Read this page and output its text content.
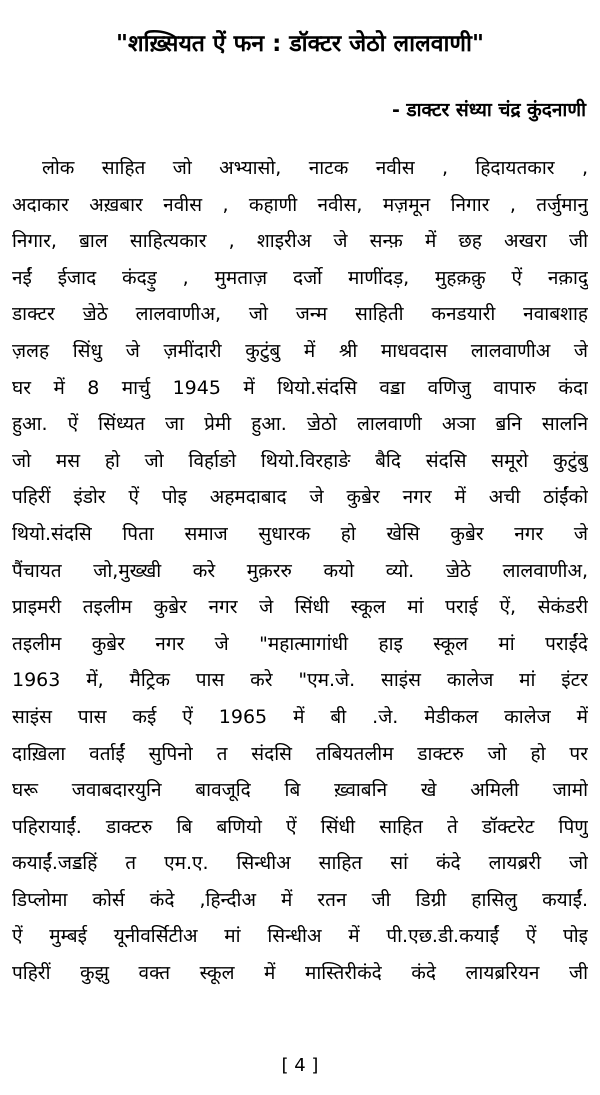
"शख़्सियत ऐं फन : डॉक्टर जेठो लालवाणी"
- डाक्टर संध्या चंद्र कुंदनाणी
लोक साहित जो अभ्यासो, नाटक नवीस , हिदायतकार ,
अदाकार अख़बार नवीस , कहाणी नवीस, मज़मून निगार , तर्जुमानु
निगार, ॿाल साहित्यकार , शाइरीअ जे सन्फ़ में छह अखरा जी
नईं ईजाद कंदड़ु , मुमताज़ दर्जो माणींदड़, मुहक़क़ु ऐं नक़ादु
डाक्टर ॼेठे लालवाणीअ, जो जन्म साहिती कनडयारी नवाबशाह
ज़लह सिंधु जे ज़मींदारी कुटुंबु में श्री माधवदास लालवाणीअ जे
घर में 8 मार्चु 1945 में थियो.संदसि वॾा वणिजु वापारु कंदा
हुआ. ऐं सिंध्यत जा प्रेमी हुआ. ॼेठो लालवाणी अञा ॿनि सालनि
जो मस हो जो विर्हाङो थियो.विरहाङे बैदि संदसि समूरो कुटुंबु
पहिरीं इंडोर ऐं पोइ अहमदाबाद जे कुॿेर नगर में अची ठांईंको
थियो.संदसि पिता समाज सुधारक हो खेसि कुॿेर नगर जे
पैंचायत जो,मुख्खी करे मुक़ररु कयो व्यो. ॼेठे लालवाणीअ,
प्राइमरी तइलीम कुॿेर नगर जे सिंधी स्कूल मां पराई ऐं, सेकंडरी
तइलीम कुॿेर नगर जे "महात्मागांधी हाइ स्कूल मां पराईंदे
1963 में, मैट्रिक पास करे "एम.जे. साइंस कालेज मां इंटर
साइंस पास कई ऐं 1965 में बी .जे. मेडीकल कालेज में
दाख़िला वर्ताईं सुपिनो त संदसि तबियतलीम डाक्टरु जो हो पर
घरू जवाबदारयुनि बावजूदि बि ख़्वाबनि खे अमिली जामो
पहिरायाईं. डाक्टरु बि बणियो ऐं सिंधी साहित ते डॉक्टरेट पिणु
कयाईं.जॾहिं त एम.ए. सिन्धीअ साहित सां कंदे लायब्ररी जो
डिप्लोमा कोर्स कंदे ,हिन्दीअ में रतन जी डिग्री हासिलु कयाईं.
ऐं मुम्बई यूनीवर्सिटीअ मां सिन्धीअ में पी.एछ.डी.कयाईं ऐं पोइ
पहिरीं कुझु वक्त स्कूल में मास्तिरीकंदे कंदे लायब्ररियन जी
[ 4 ]
